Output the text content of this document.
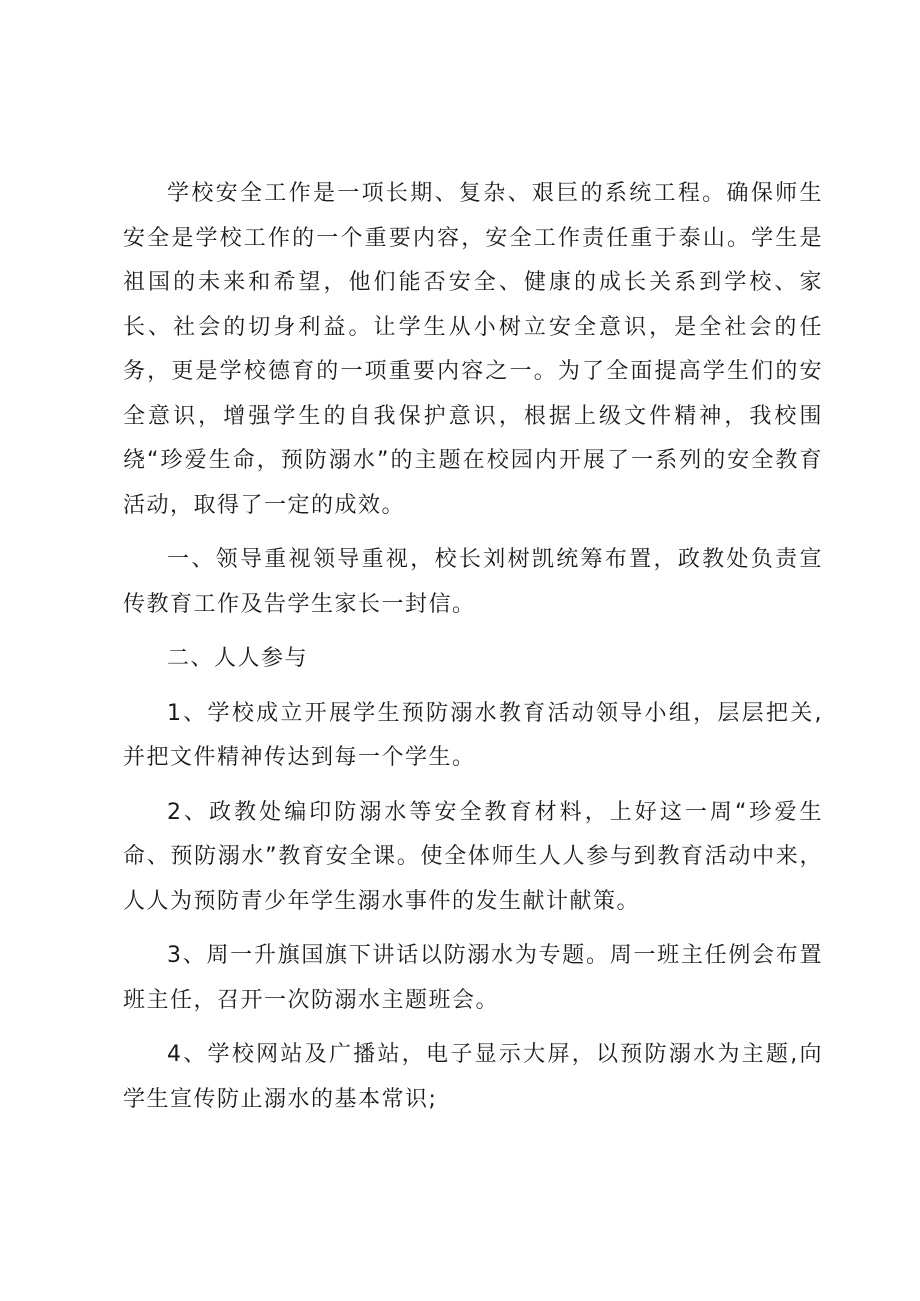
学校安全工作是一项长期、复杂、艰巨的系统工程。确保师生安全是学校工作的一个重要内容，安全工作责任重于泰山。学生是祖国的未来和希望，他们能否安全、健康的成长关系到学校、家长、社会的切身利益。让学生从小树立安全意识，是全社会的任务，更是学校德育的一项重要内容之一。为了全面提高学生们的安全意识，增强学生的自我保护意识，根据上级文件精神，我校围绕“珍爱生命，预防溺水”的主题在校园内开展了一系列的安全教育活动，取得了一定的成效。

一、领导重视领导重视，校长刘树凯统筹布置，政教处负责宣传教育工作及告学生家长一封信。

二、人人参与

1、学校成立开展学生预防溺水教育活动领导小组，层层把关,并把文件精神传达到每一个学生。

2、政教处编印防溺水等安全教育材料，上好这一周“珍爱生命、预防溺水”教育安全课。使全体师生人人参与到教育活动中来，人人为预防青少年学生溺水事件的发生献计献策。

3、周一升旗国旗下讲话以防溺水为专题。周一班主任例会布置班主任，召开一次防溺水主题班会。

4、学校网站及广播站，电子显示大屏，以预防溺水为主题,向学生宣传防止溺水的基本常识;
